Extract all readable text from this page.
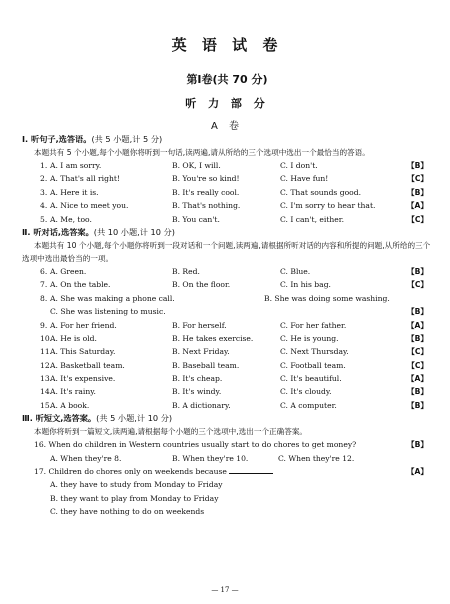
英 语 试 卷
第Ⅰ卷(共 70 分)
听 力 部 分
A 卷
Ⅰ. 听句子,选答语。(共 5 小题,计 5 分)
本题共有 5 个小题,每个小题你将听到一句话,读两遍,请从所给的三个选项中选出一个最恰当的答语。
1. A. I am sorry.	B. OK, I will.	C. I don't.	【B】
2. A. That's all right!	B. You're so kind!	C. Have fun!	【C】
3. A. Here it is.	B. It's really cool.	C. That sounds good.	【B】
4. A. Nice to meet you.	B. That's nothing.	C. I'm sorry to hear that.	【A】
5. A. Me, too.	B. You can't.	C. I can't, either.	【C】
Ⅱ. 听对话,选答案。(共 10 小题,计 10 分)
本题共有 10 个小题,每个小题你将听到一段对话和一个问题,读两遍,请根据所听对话的内容和所提的问题,从所给的三个选项中选出最恰当的一项。
6. A. Green.	B. Red.	C. Blue.	【B】
7. A. On the table.	B. On the floor.	C. In his bag.	【C】
8. A. She was making a phone call.	B. She was doing some washing.
C. She was listening to music.	【B】
9. A. For her friend.	B. For herself.	C. For her father.	【A】
10.
A. He is old.	B. He takes exercise.	C. He is young.	【B】
11.
A. This Saturday.	B. Next Friday.	C. Next Thursday.	【C】
12.
A. Basketball team.	B. Baseball team.	C. Football team.	【C】
13.
A. It's expensive.	B. It's cheap.	C. It's beautiful.	【A】
14.
A. It's rainy.	B. It's windy.	C. It's cloudy.	【B】
15.
A. A book.	B. A dictionary.	C. A computer.	【B】
Ⅲ. 听短文,选答案。(共 5 小题,计 10 分)
本题你将听到一篇短文,读两遍,请根据每个小题的三个选项中,选出一个正确答案。
16. When do children in Western countries usually start to do chores to get money?	【B】
A. When they're 8.	B. When they're 10.	C. When they're 12.
17. Children do chores only on weekends because	【A】
A. they have to study from Monday to Friday
B. they want to play from Monday to Friday
C. they have nothing to do on weekends
— 17 —
